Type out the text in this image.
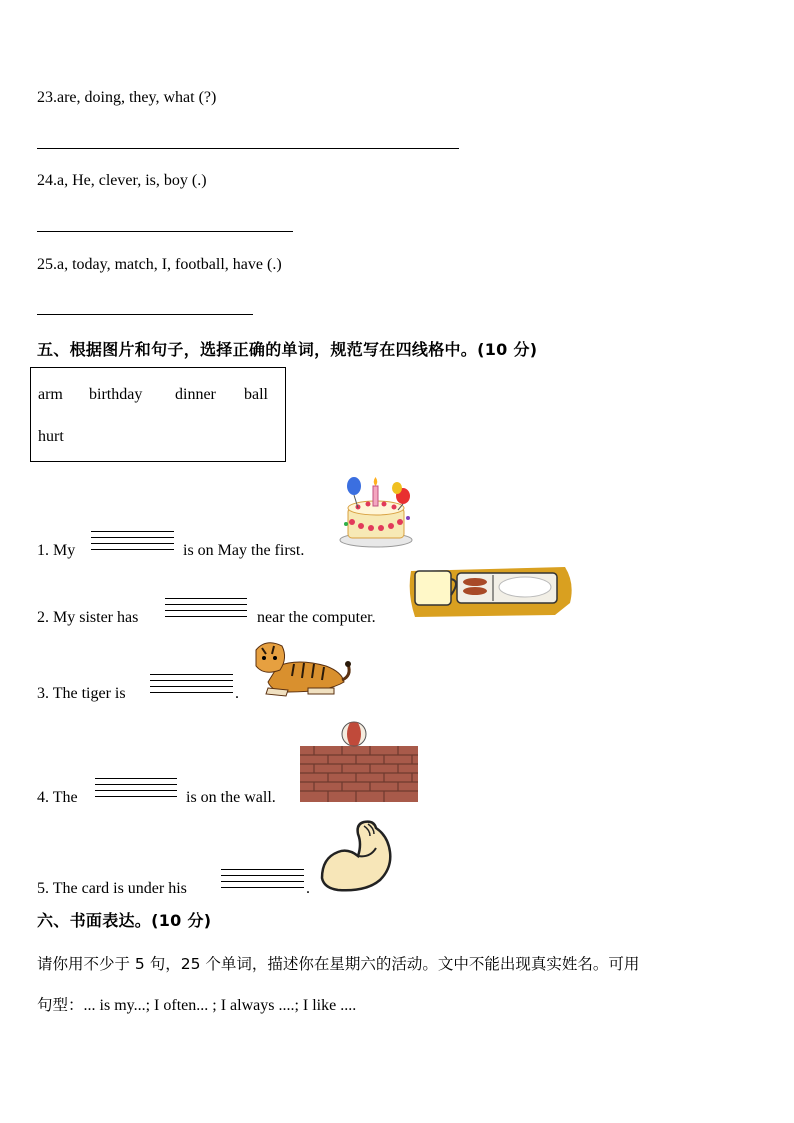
23.are, doing, they, what (?)
24.a, He, clever, is, boy (.)
25.a, today, match, I, football, have (.)
五、根据图片和句子，选择正确的单词，规范写在四线格中。(10 分)
arm birthday dinner ball
hurt
1. My	is on May the first.
2. My sister has	near the computer.
3. The tiger is	.
4. The	is on the wall.
5. The card is under his	.
六、书面表达。(10 分)
请你用不少于 5 句，25 个单词，描述你在星期六的活动。文中不能出现真实姓名。可用
句型：... is my...; I often... ; I always ....; I like ....
